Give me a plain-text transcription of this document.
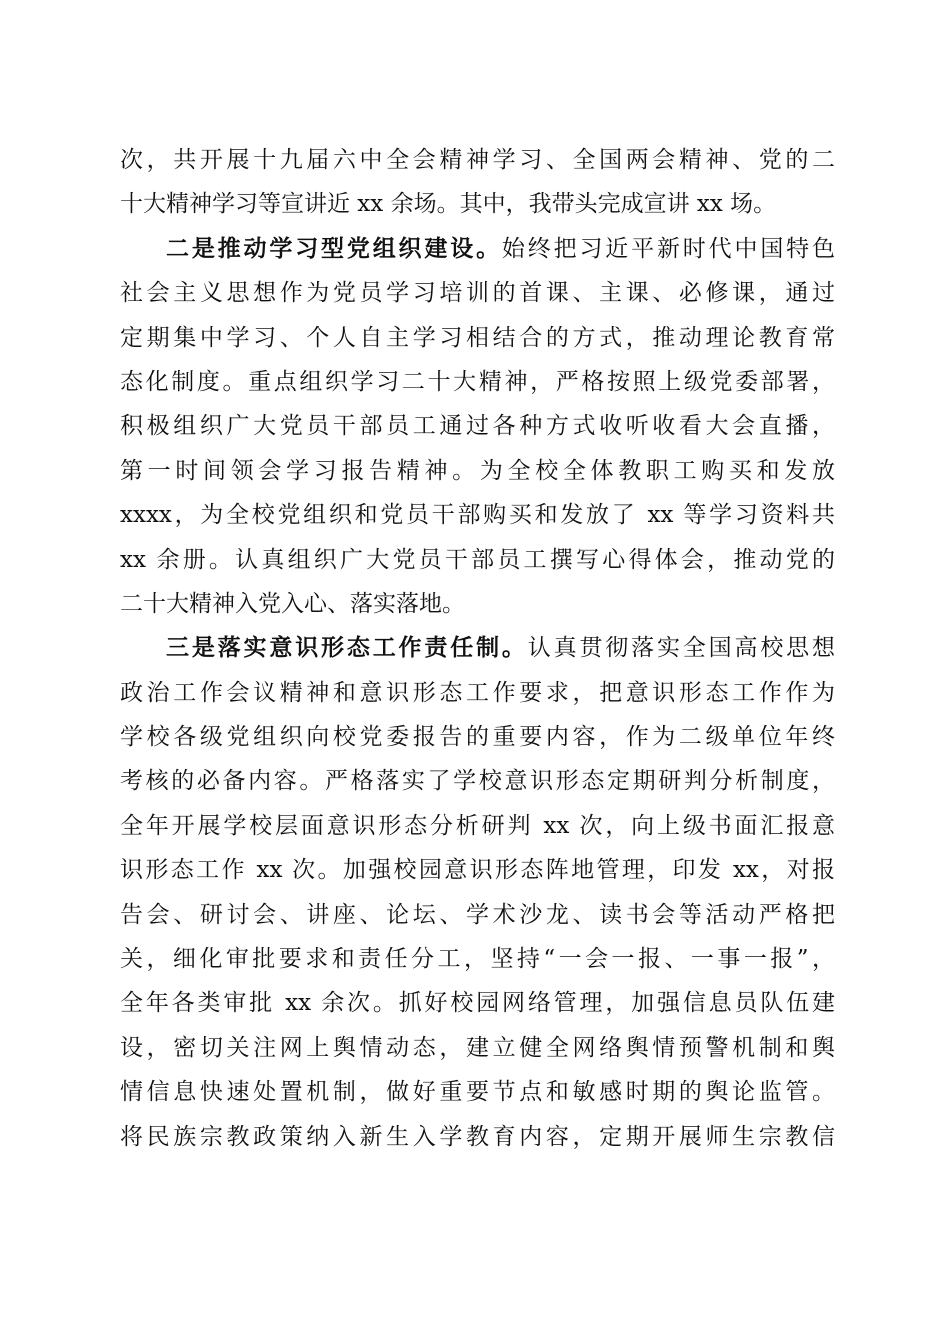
次，共开展十九届六中全会精神学习、全国两会精神、党的二
十大精神学习等宣讲近 xx 余场。其中，我带头完成宣讲 xx 场。
二是推动学习型党组织建设。始终把习近平新时代中国特色
社会主义思想作为党员学习培训的首课、主课、必修课，通过
定期集中学习、个人自主学习相结合的方式，推动理论教育常
态化制度。重点组织学习二十大精神，严格按照上级党委部署，
积极组织广大党员干部员工通过各种方式收听收看大会直播，
第一时间领会学习报告精神。为全校全体教职工购买和发放
xxxx，为全校党组织和党员干部购买和发放了 xx 等学习资料共
xx 余册。认真组织广大党员干部员工撰写心得体会，推动党的
二十大精神入党入心、落实落地。
三是落实意识形态工作责任制。认真贯彻落实全国高校思想
政治工作会议精神和意识形态工作要求，把意识形态工作作为
学校各级党组织向校党委报告的重要内容，作为二级单位年终
考核的必备内容。严格落实了学校意识形态定期研判分析制度，
全年开展学校层面意识形态分析研判 xx 次，向上级书面汇报意
识形态工作 xx 次。加强校园意识形态阵地管理，印发 xx，对报
告会、研讨会、讲座、论坛、学术沙龙、读书会等活动严格把
关，细化审批要求和责任分工，坚持“一会一报、一事一报”，
全年各类审批 xx 余次。抓好校园网络管理，加强信息员队伍建
设，密切关注网上舆情动态，建立健全网络舆情预警机制和舆
情信息快速处置机制，做好重要节点和敏感时期的舆论监管。
将民族宗教政策纳入新生入学教育内容，定期开展师生宗教信
